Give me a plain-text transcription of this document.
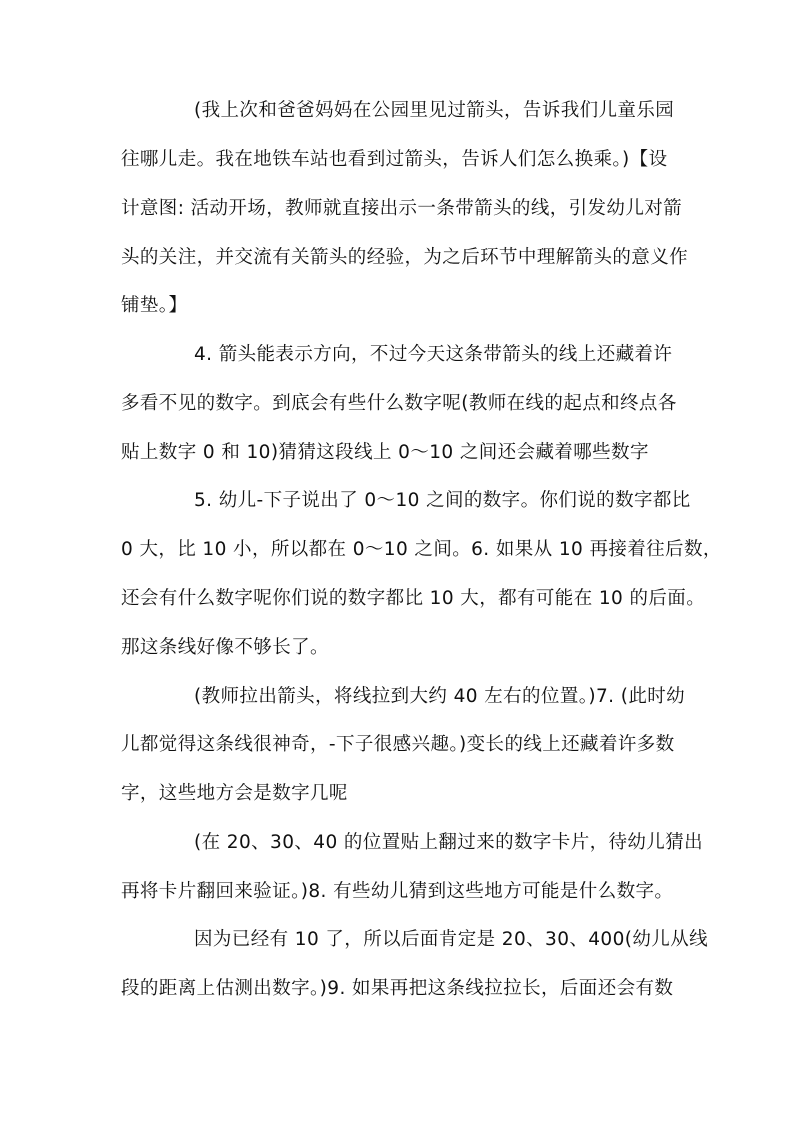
(我上次和爸爸妈妈在公园里见过箭头，告诉我们儿童乐园
往哪儿走。我在地铁车站也看到过箭头，告诉人们怎么换乘。)【设
计意图: 活动开场，教师就直接出示一条带箭头的线，引发幼儿对箭
头的关注，并交流有关箭头的经验，为之后环节中理解箭头的意义作
铺垫。】
4. 箭头能表示方向，不过今天这条带箭头的线上还藏着许
多看不见的数字。到底会有些什么数字呢(教师在线的起点和终点各
贴上数字 0 和 10)猜猜这段线上 0～10 之间还会藏着哪些数字
5. 幼儿-下子说出了 0～10 之间的数字。你们说的数字都比
0 大，比 10 小，所以都在 0～10 之间。6. 如果从 10 再接着往后数，
还会有什么数字呢你们说的数字都比 10 大，都有可能在 10 的后面。
那这条线好像不够长了。
(教师拉出箭头，将线拉到大约 40 左右的位置。)7. (此时幼
儿都觉得这条线很神奇，-下子很感兴趣。)变长的线上还藏着许多数
字，这些地方会是数字几呢
(在 20、30、40 的位置贴上翻过来的数字卡片，待幼儿猜出
再将卡片翻回来验证。)8. 有些幼儿猜到这些地方可能是什么数字。
因为已经有 10 了，所以后面肯定是 20、30、400(幼儿从线
段的距离上估测出数字。)9. 如果再把这条线拉拉长，后面还会有数
